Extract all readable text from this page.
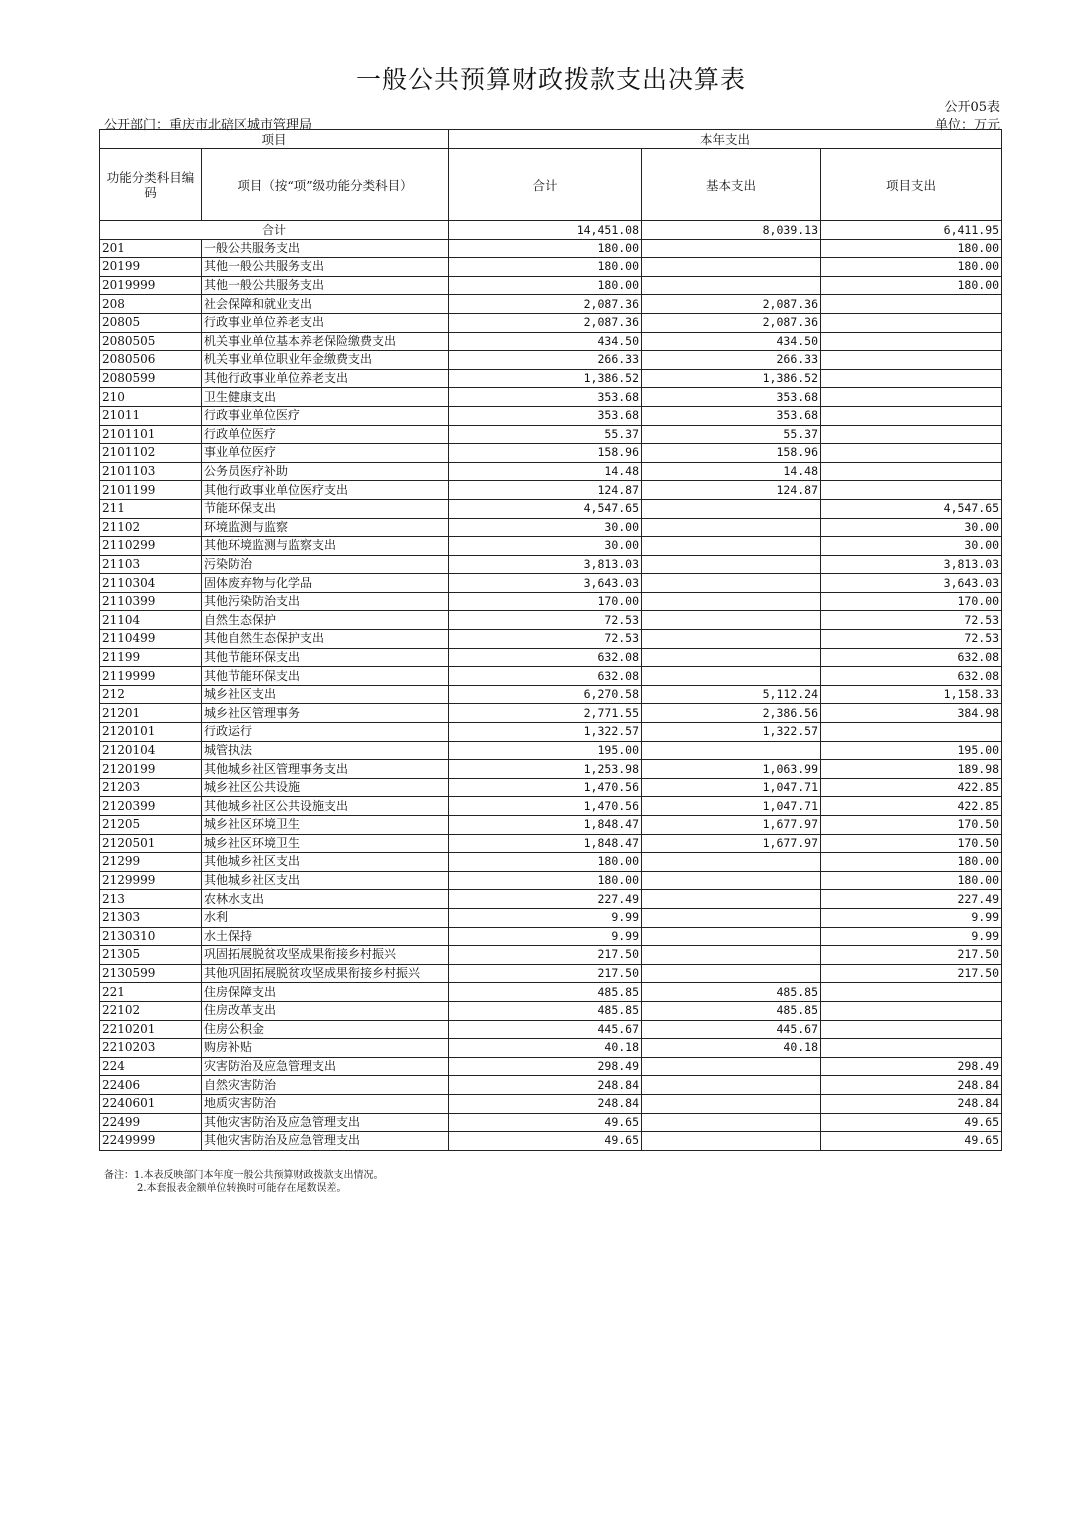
一般公共预算财政拨款支出决算表
公开05表
公开部门：重庆市北碚区城市管理局	单位：万元
项目		本年支出		
功能分类科目编码	项目（按“项”级功能分类科目）	合计	基本支出	项目支出
合计		14,451.08	8,039.13	6,411.95
201	一般公共服务支出	180.00		180.00
20199	其他一般公共服务支出	180.00		180.00
2019999	其他一般公共服务支出	180.00		180.00
208	社会保障和就业支出	2,087.36	2,087.36	
20805	行政事业单位养老支出	2,087.36	2,087.36	
2080505	机关事业单位基本养老保险缴费支出	434.50	434.50	
2080506	机关事业单位职业年金缴费支出	266.33	266.33	
2080599	其他行政事业单位养老支出	1,386.52	1,386.52	
210	卫生健康支出	353.68	353.68	
21011	行政事业单位医疗	353.68	353.68	
2101101	行政单位医疗	55.37	55.37	
2101102	事业单位医疗	158.96	158.96	
2101103	公务员医疗补助	14.48	14.48	
2101199	其他行政事业单位医疗支出	124.87	124.87	
211	节能环保支出	4,547.65		4,547.65
21102	环境监测与监察	30.00		30.00
2110299	其他环境监测与监察支出	30.00		30.00
21103	污染防治	3,813.03		3,813.03
2110304	固体废弃物与化学品	3,643.03		3,643.03
2110399	其他污染防治支出	170.00		170.00
21104	自然生态保护	72.53		72.53
2110499	其他自然生态保护支出	72.53		72.53
21199	其他节能环保支出	632.08		632.08
2119999	其他节能环保支出	632.08		632.08
212	城乡社区支出	6,270.58	5,112.24	1,158.33
21201	城乡社区管理事务	2,771.55	2,386.56	384.98
2120101	行政运行	1,322.57	1,322.57	
2120104	城管执法	195.00		195.00
2120199	其他城乡社区管理事务支出	1,253.98	1,063.99	189.98
21203	城乡社区公共设施	1,470.56	1,047.71	422.85
2120399	其他城乡社区公共设施支出	1,470.56	1,047.71	422.85
21205	城乡社区环境卫生	1,848.47	1,677.97	170.50
2120501	城乡社区环境卫生	1,848.47	1,677.97	170.50
21299	其他城乡社区支出	180.00		180.00
2129999	其他城乡社区支出	180.00		180.00
213	农林水支出	227.49		227.49
21303	水利	9.99		9.99
2130310	水土保持	9.99		9.99
21305	巩固拓展脱贫攻坚成果衔接乡村振兴	217.50		217.50
2130599	其他巩固拓展脱贫攻坚成果衔接乡村振兴	217.50		217.50
221	住房保障支出	485.85	485.85	
22102	住房改革支出	485.85	485.85	
2210201	住房公积金	445.67	445.67	
2210203	购房补贴	40.18	40.18	
224	灾害防治及应急管理支出	298.49		298.49
22406	自然灾害防治	248.84		248.84
2240601	地质灾害防治	248.84		248.84
22499	其他灾害防治及应急管理支出	49.65		49.65
2249999	其他灾害防治及应急管理支出	49.65		49.65
备注：1.本表反映部门本年度一般公共预算财政拨款支出情况。
2.本套报表金额单位转换时可能存在尾数误差。
